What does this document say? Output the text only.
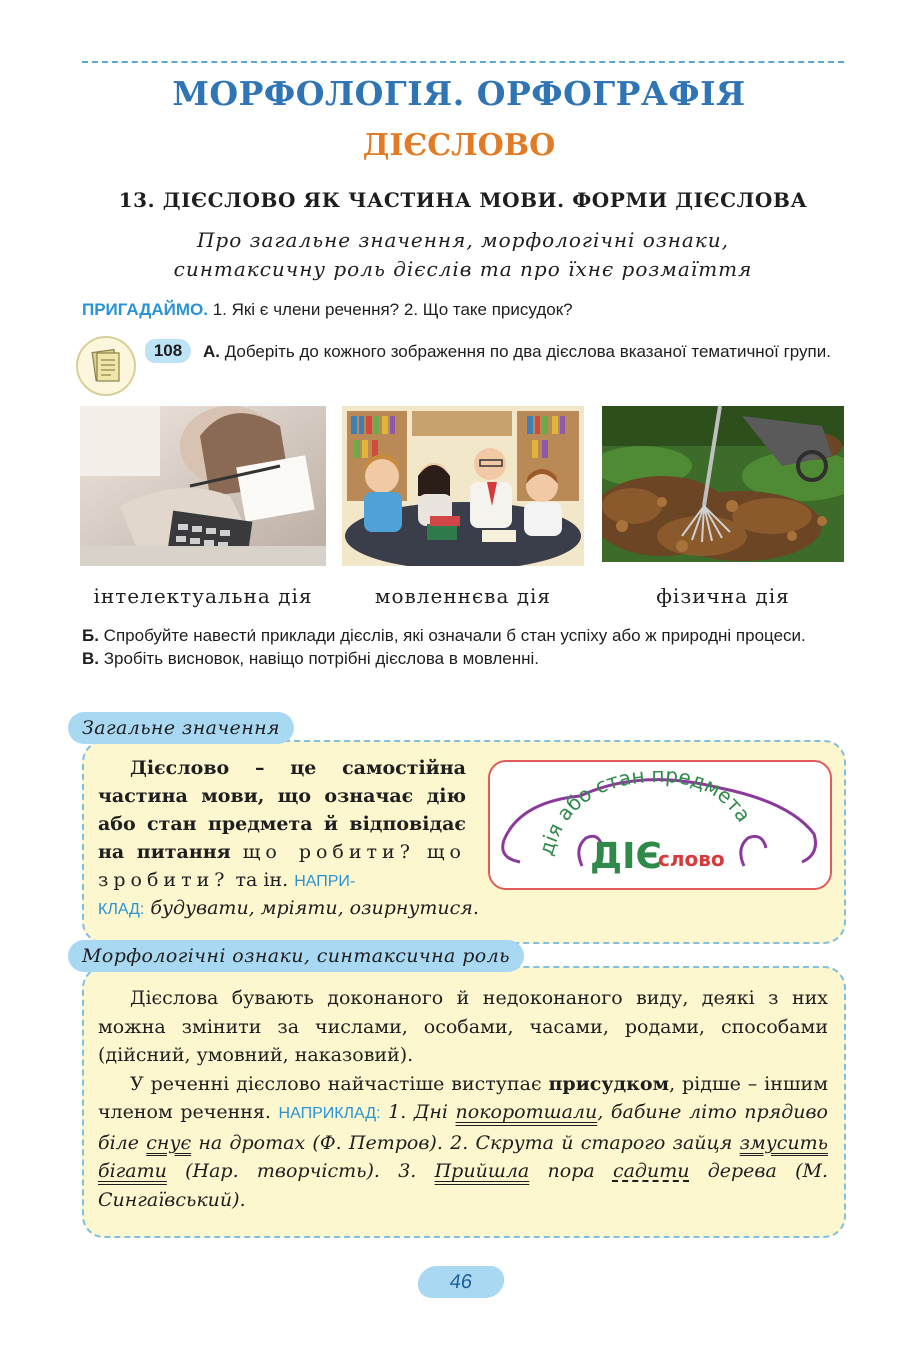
МОРФОЛОГІЯ. ОРФОГРАФІЯ
ДІЄСЛОВО
13. ДІЄСЛОВО ЯК ЧАСТИНА МОВИ. ФОРМИ ДІЄСЛОВА
Про загальне значення, морфологічні ознаки,
синтаксичну роль дієслів та про їхнє розмаїття
ПРИГАДАЙМО. 1. Які є члени речення? 2. Що таке присудок?
А. Доберіть до кожного зображення по два дієслова вказаної тематичної групи.
108
інтелектуальна дія	мовленнєва дія	фізична дія
Б. Спробуйте навести́ приклади дієслів, які означали б стан успіху або ж природні процеси.
В. Зробіть висновок, навіщо потрібні дієслова в мовленні.
Загальне значення
Дієслово – це самостійна частина мови, що означає дію або стан предмета й відповідає на питання що робити? що зробити? та ін. НАПРИ-
КЛАД: будувати, мріяти, озирнутися.
дія або стан предмета
ДІЄ
слово
Морфологічні ознаки, синтаксична роль

Дієслова бувають доконаного й недоконаного виду, деякі з них можна змінити за числами, особами, часами, родами, способами (дійсний, умовний, наказовий).

У реченні дієслово найчастіше виступає присудком, рідше – іншим членом речення. НАПРИКЛАД: 1. Дні покоротшали, бабине літо прядиво біле снує на дротах (Ф. Петров). 2. Скрута й старого зайця змусить бігати (Нар. творчість). 3. Прийшла пора садити дерева (М. Сингаївський).

46
